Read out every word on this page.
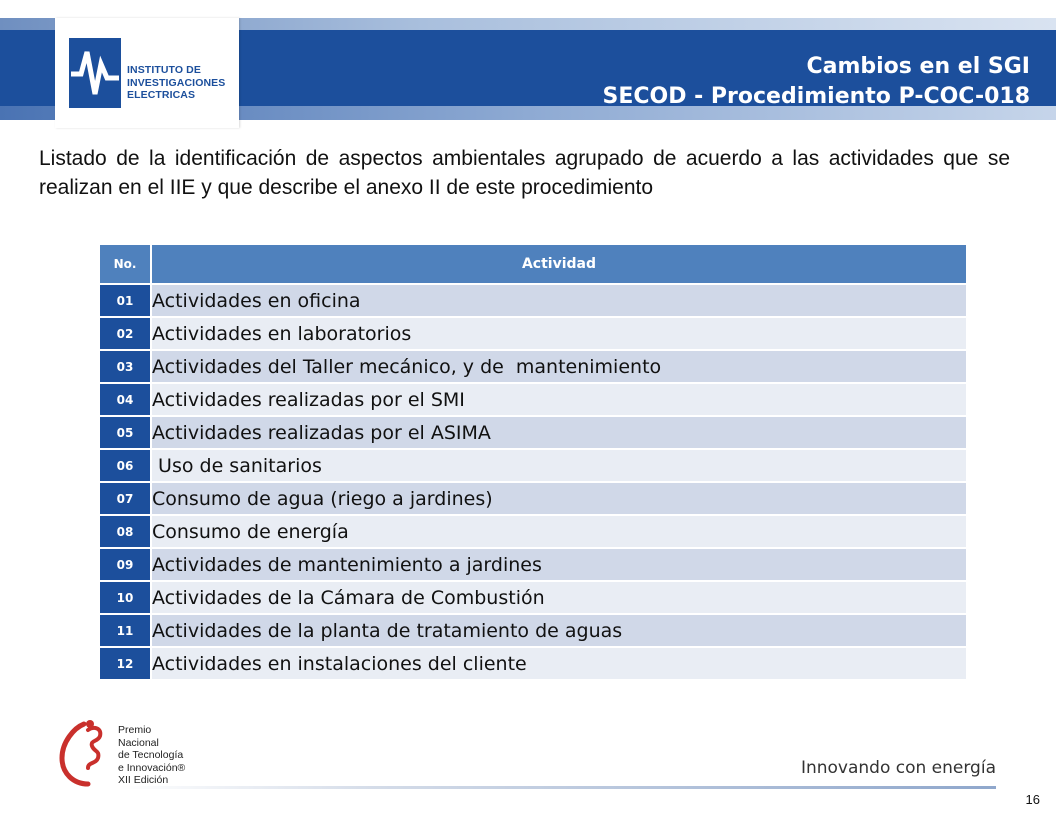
INSTITUTO DE
INVESTIGACIONES
ELECTRICAS
Cambios en el SGI
SECOD - Procedimiento P-COC-018
Listado de la identificación de aspectos ambientales agrupado de acuerdo a las actividades que se realizan en el IIE y que describe el anexo II de este procedimiento
No.	Actividad
01	Actividades en oficina
02	Actividades en laboratorios
03	Actividades del Taller mecánico, y de  mantenimiento
04	Actividades realizadas por el SMI
05	Actividades realizadas por el ASIMA
06	Uso de sanitarios
07	Consumo de agua (riego a jardines)
08	Consumo de energía
09	Actividades de mantenimiento a jardines
10	Actividades de la Cámara de Combustión
11	Actividades de la planta de tratamiento de aguas
12	Actividades en instalaciones del cliente
Premio
Nacional
de Tecnología
e Innovación®
XII Edición
Innovando con energía
16
